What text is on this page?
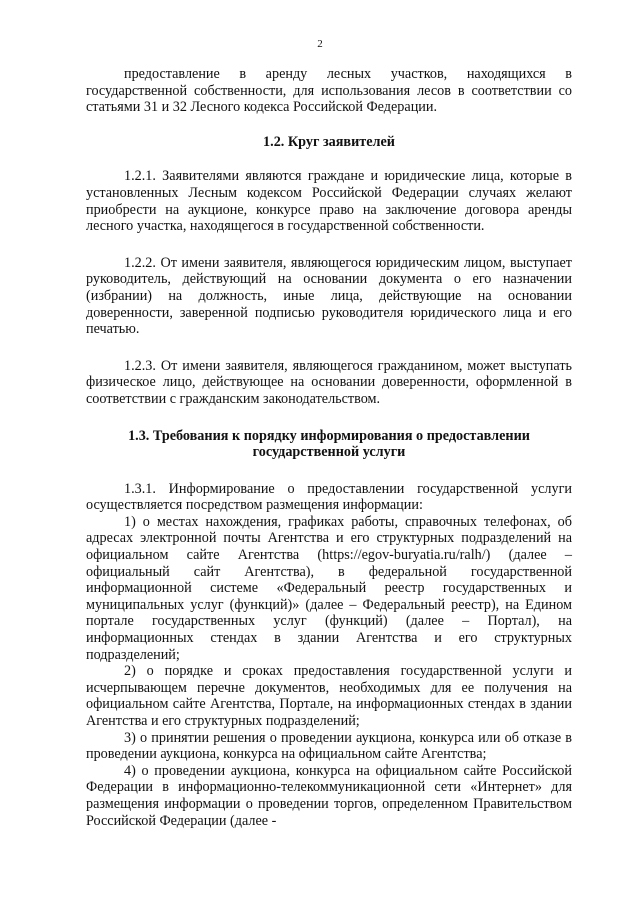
2

предоставление в аренду лесных участков, находящихся в государственной собственности, для использования лесов в соответствии со статьями 31 и 32 Лесного кодекса Российской Федерации.

1.2. Круг заявителей

1.2.1. Заявителями являются граждане и юридические лица, которые в установленных Лесным кодексом Российской Федерации случаях желают приобрести на аукционе, конкурсе право на заключение договора аренды лесного участка, находящегося в государственной собственности.

1.2.2. От имени заявителя, являющегося юридическим лицом, выступает руководитель, действующий на основании документа о его назначении (избрании) на должность, иные лица, действующие на основании доверенности, заверенной подписью руководителя юридического лица и его печатью.

1.2.3. От имени заявителя, являющегося гражданином, может выступать физическое лицо, действующее на основании доверенности, оформленной в соответствии с гражданским законодательством.

1.3. Требования к порядку информирования о предоставлении государственной услуги

1.3.1. Информирование о предоставлении государственной услуги осуществляется посредством размещения информации:

1) о местах нахождения, графиках работы, справочных телефонах, об адресах электронной почты Агентства и его структурных подразделений на официальном сайте Агентства (https://egov-buryatia.ru/ralh/) (далее – официальный сайт Агентства), в федеральной государственной информационной системе «Федеральный реестр государственных и муниципальных услуг (функций)» (далее – Федеральный реестр), на Едином портале государственных услуг (функций) (далее – Портал), на информационных стендах в здании Агентства и его структурных подразделений;

2) о порядке и сроках предоставления государственной услуги и исчерпывающем перечне документов, необходимых для ее получения на официальном сайте Агентства, Портале, на информационных стендах в здании Агентства и его структурных подразделений;

3) о принятии решения о проведении аукциона, конкурса или об отказе в проведении аукциона, конкурса на официальном сайте Агентства;

4) о проведении аукциона, конкурса на официальном сайте Российской Федерации в информационно-телекоммуникационной сети «Интернет» для размещения информации о проведении торгов, определенном Правительством Российской Федерации (далее -
